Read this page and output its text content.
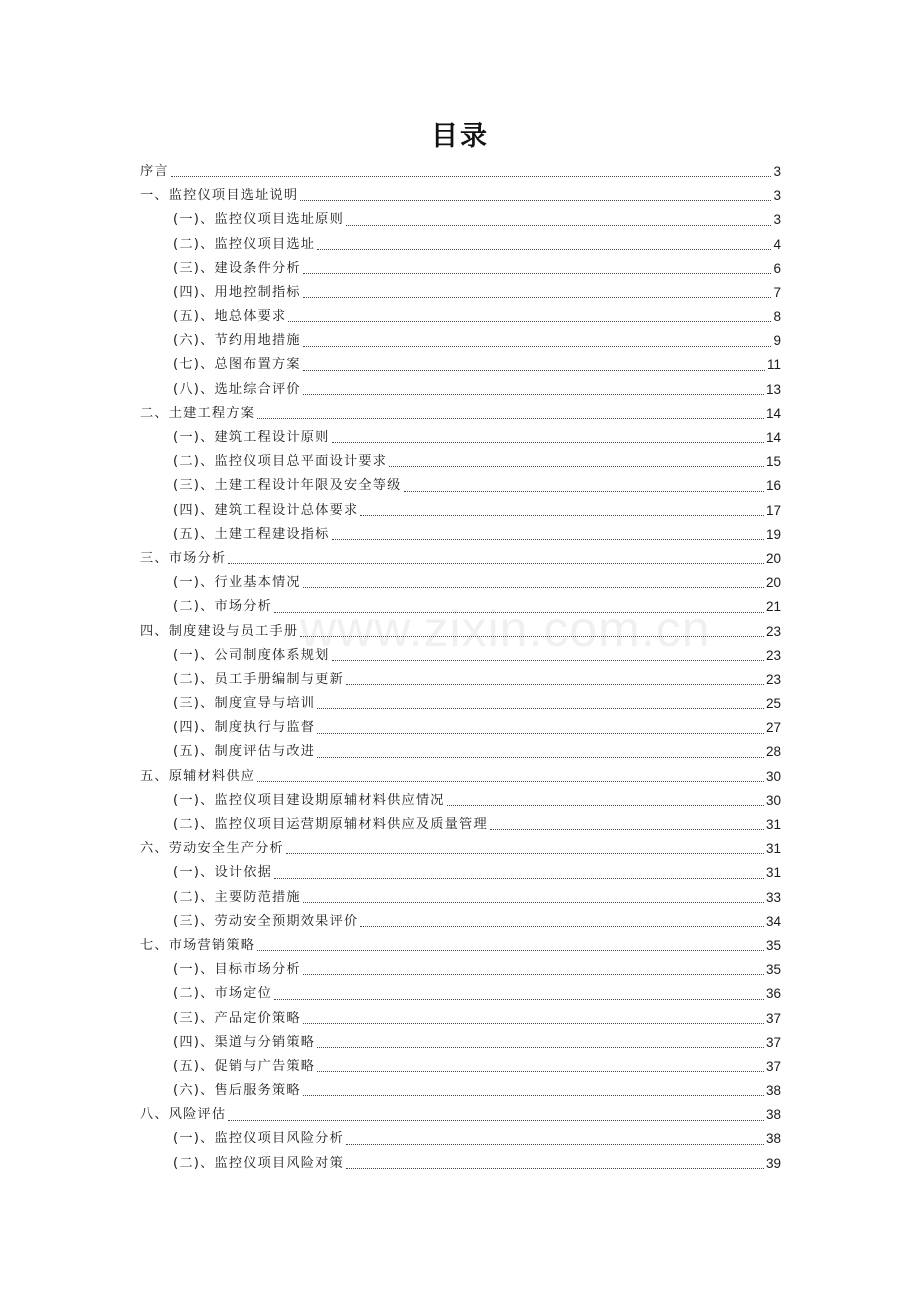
目录
www.zixin.com.cn
序言	3
一、监控仪项目选址说明	3
(一)、监控仪项目选址原则	3
(二)、监控仪项目选址	4
(三)、建设条件分析	6
(四)、用地控制指标	7
(五)、地总体要求	8
(六)、节约用地措施	9
(七)、总图布置方案	11
(八)、选址综合评价	13
二、土建工程方案	14
(一)、建筑工程设计原则	14
(二)、监控仪项目总平面设计要求	15
(三)、土建工程设计年限及安全等级	16
(四)、建筑工程设计总体要求	17
(五)、土建工程建设指标	19
三、市场分析	20
(一)、行业基本情况	20
(二)、市场分析	21
四、制度建设与员工手册	23
(一)、公司制度体系规划	23
(二)、员工手册编制与更新	23
(三)、制度宣导与培训	25
(四)、制度执行与监督	27
(五)、制度评估与改进	28
五、原辅材料供应	30
(一)、监控仪项目建设期原辅材料供应情况	30
(二)、监控仪项目运营期原辅材料供应及质量管理	31
六、劳动安全生产分析	31
(一)、设计依据	31
(二)、主要防范措施	33
(三)、劳动安全预期效果评价	34
七、市场营销策略	35
(一)、目标市场分析	35
(二)、市场定位	36
(三)、产品定价策略	37
(四)、渠道与分销策略	37
(五)、促销与广告策略	37
(六)、售后服务策略	38
八、风险评估	38
(一)、监控仪项目风险分析	38
(二)、监控仪项目风险对策	39
